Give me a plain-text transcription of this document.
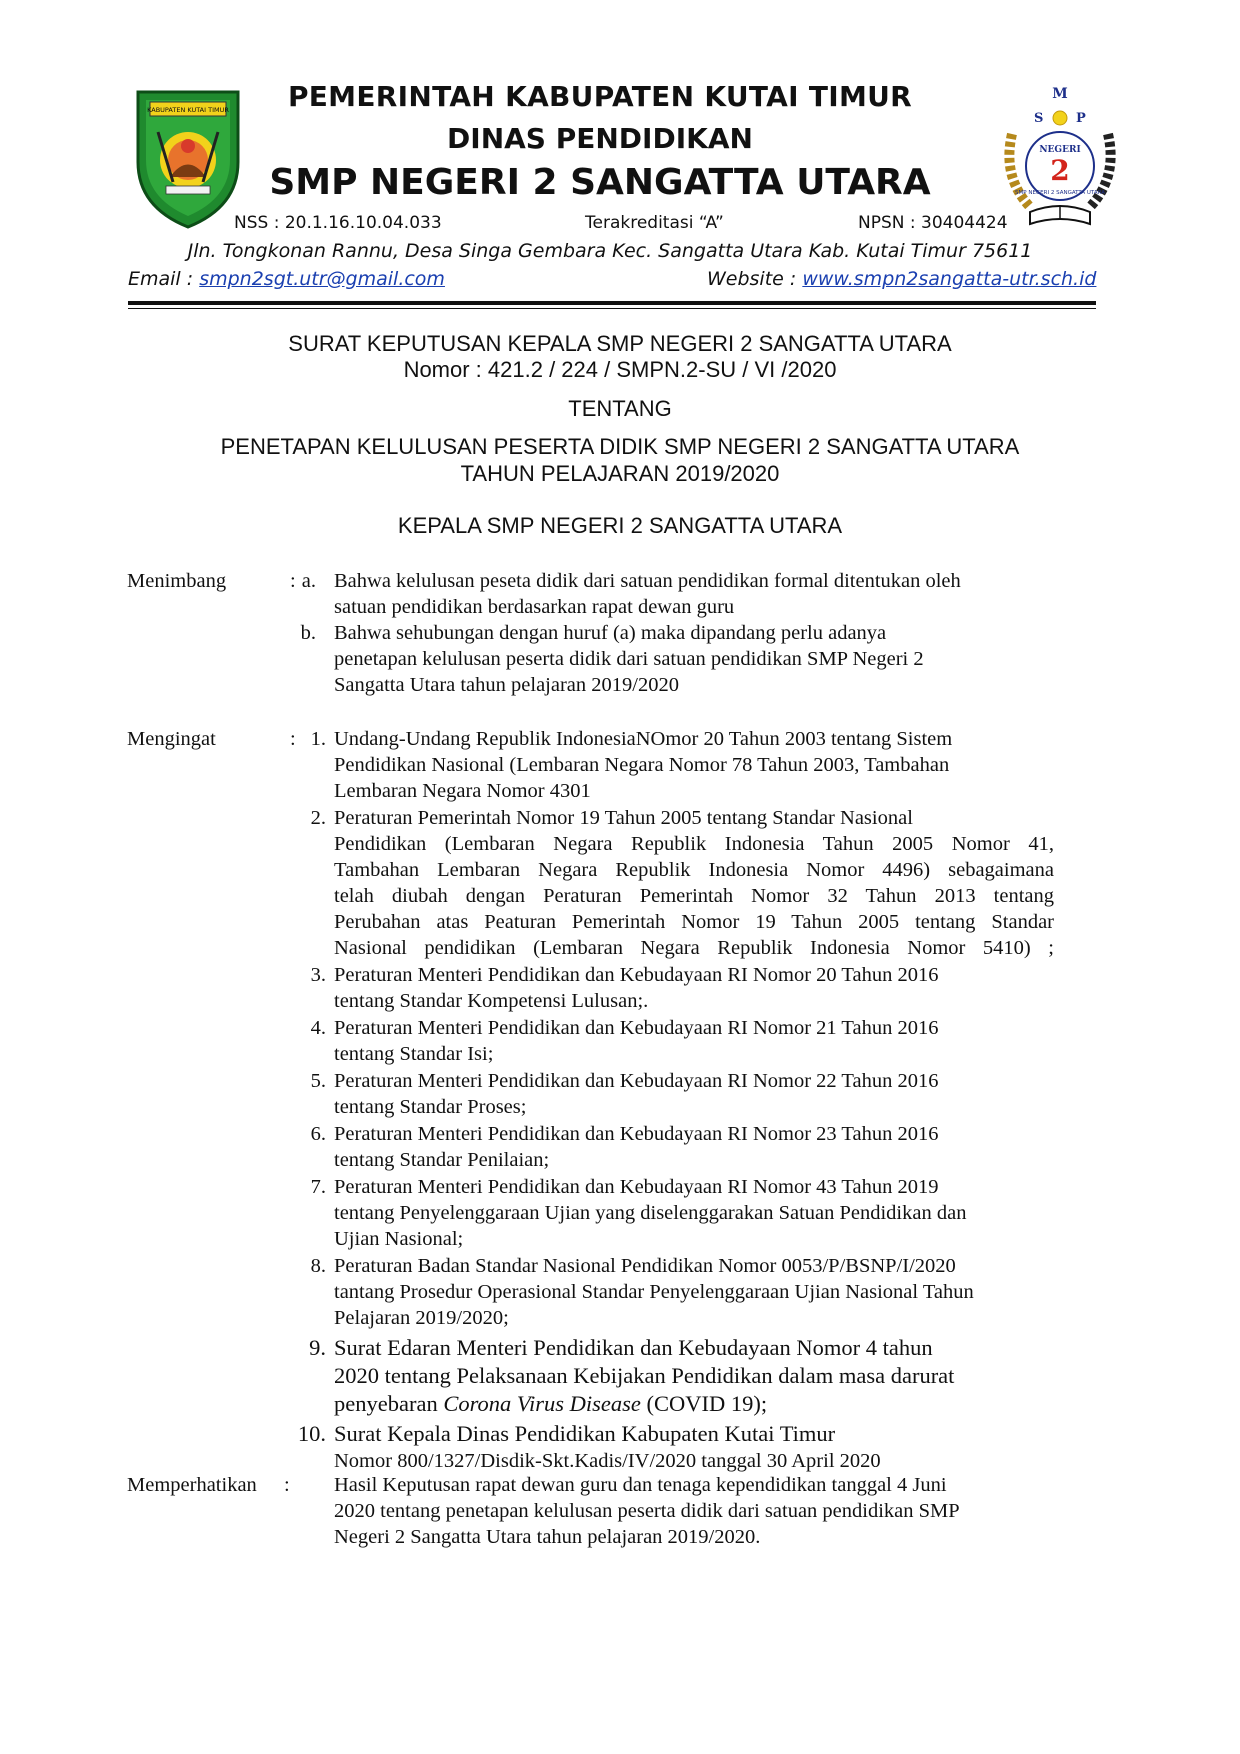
KABUPATEN KUTAI TIMUR	PEMERINTAH KABUPATEN KUTAI TIMUR
DINAS PENDIDIKAN
SMP NEGERI 2 SANGATTA UTARA
M
S	P
NEGERI
2
SMP NEGERI 2 SANGATTA UTARA
NSS : 20.1.16.10.04.033	Terakreditasi “A”	NPSN : 30404424
Jln. Tongkonan Rannu, Desa Singa Gembara Kec. Sangatta Utara Kab. Kutai Timur 75611
Email : smpn2sgt.utr@gmail.com	Website : www.smpn2sangatta-utr.sch.id
SURAT KEPUTUSAN KEPALA SMP NEGERI 2 SANGATTA UTARA
Nomor : 421.2 / 224 / SMPN.2-SU / VI /2020
TENTANG
PENETAPAN KELULUSAN PESERTA DIDIK SMP NEGERI 2 SANGATTA UTARA
TAHUN PELAJARAN 2019/2020
KEPALA SMP NEGERI 2 SANGATTA UTARA
Menimbang	: a. Bahwa kelulusan peseta didik dari satuan pendidikan formal ditentukan oleh
satuan pendidikan berdasarkan rapat dewan guru
b. Bahwa sehubungan dengan huruf (a) maka dipandang perlu adanya
penetapan kelulusan peserta didik dari satuan pendidikan SMP Negeri 2
Sangatta Utara tahun pelajaran 2019/2020
Mengingat	: 1. Undang-Undang Republik IndonesiaNOmor 20 Tahun 2003 tentang Sistem
Pendidikan Nasional (Lembaran Negara Nomor 78 Tahun 2003, Tambahan
Lembaran Negara Nomor 4301
2. Peraturan Pemerintah Nomor 19 Tahun 2005 tentang Standar Nasional
Pendidikan (Lembaran Negara Republik Indonesia Tahun 2005 Nomor 41,
Tambahan Lembaran Negara Republik Indonesia Nomor 4496) sebagaimana
telah diubah dengan Peraturan Pemerintah Nomor 32 Tahun 2013 tentang
Perubahan atas Peaturan Pemerintah Nomor 19 Tahun 2005 tentang Standar
Nasional pendidikan (Lembaran Negara Republik Indonesia Nomor 5410) ;
3. Peraturan Menteri Pendidikan dan Kebudayaan RI Nomor 20 Tahun 2016
tentang Standar Kompetensi Lulusan;.
4. Peraturan Menteri Pendidikan dan Kebudayaan RI Nomor 21 Tahun 2016
tentang Standar Isi;
5. Peraturan Menteri Pendidikan dan Kebudayaan RI Nomor 22 Tahun 2016
tentang Standar Proses;
6. Peraturan Menteri Pendidikan dan Kebudayaan RI Nomor 23 Tahun 2016
tentang Standar Penilaian;
7. Peraturan Menteri Pendidikan dan Kebudayaan RI Nomor 43 Tahun 2019
tentang Penyelenggaraan Ujian yang diselenggarakan Satuan Pendidikan dan
Ujian Nasional;
8. Peraturan Badan Standar Nasional Pendidikan Nomor 0053/P/BSNP/I/2020
tantang Prosedur Operasional Standar Penyelenggaraan Ujian Nasional Tahun
Pelajaran 2019/2020;
9. Surat Edaran Menteri Pendidikan dan Kebudayaan Nomor 4 tahun
2020 tentang Pelaksanaan Kebijakan Pendidikan dalam masa darurat
penyebaran Corona Virus Disease (COVID 19);
10. Surat Kepala Dinas Pendidikan Kabupaten Kutai Timur
Nomor 800/1327/Disdik-Skt.Kadis/IV/2020 tanggal 30 April 2020
Memperhatikan : Hasil Keputusan rapat dewan guru dan tenaga kependidikan tanggal 4 Juni
2020 tentang penetapan kelulusan peserta didik dari satuan pendidikan SMP
Negeri 2 Sangatta Utara tahun pelajaran 2019/2020.
